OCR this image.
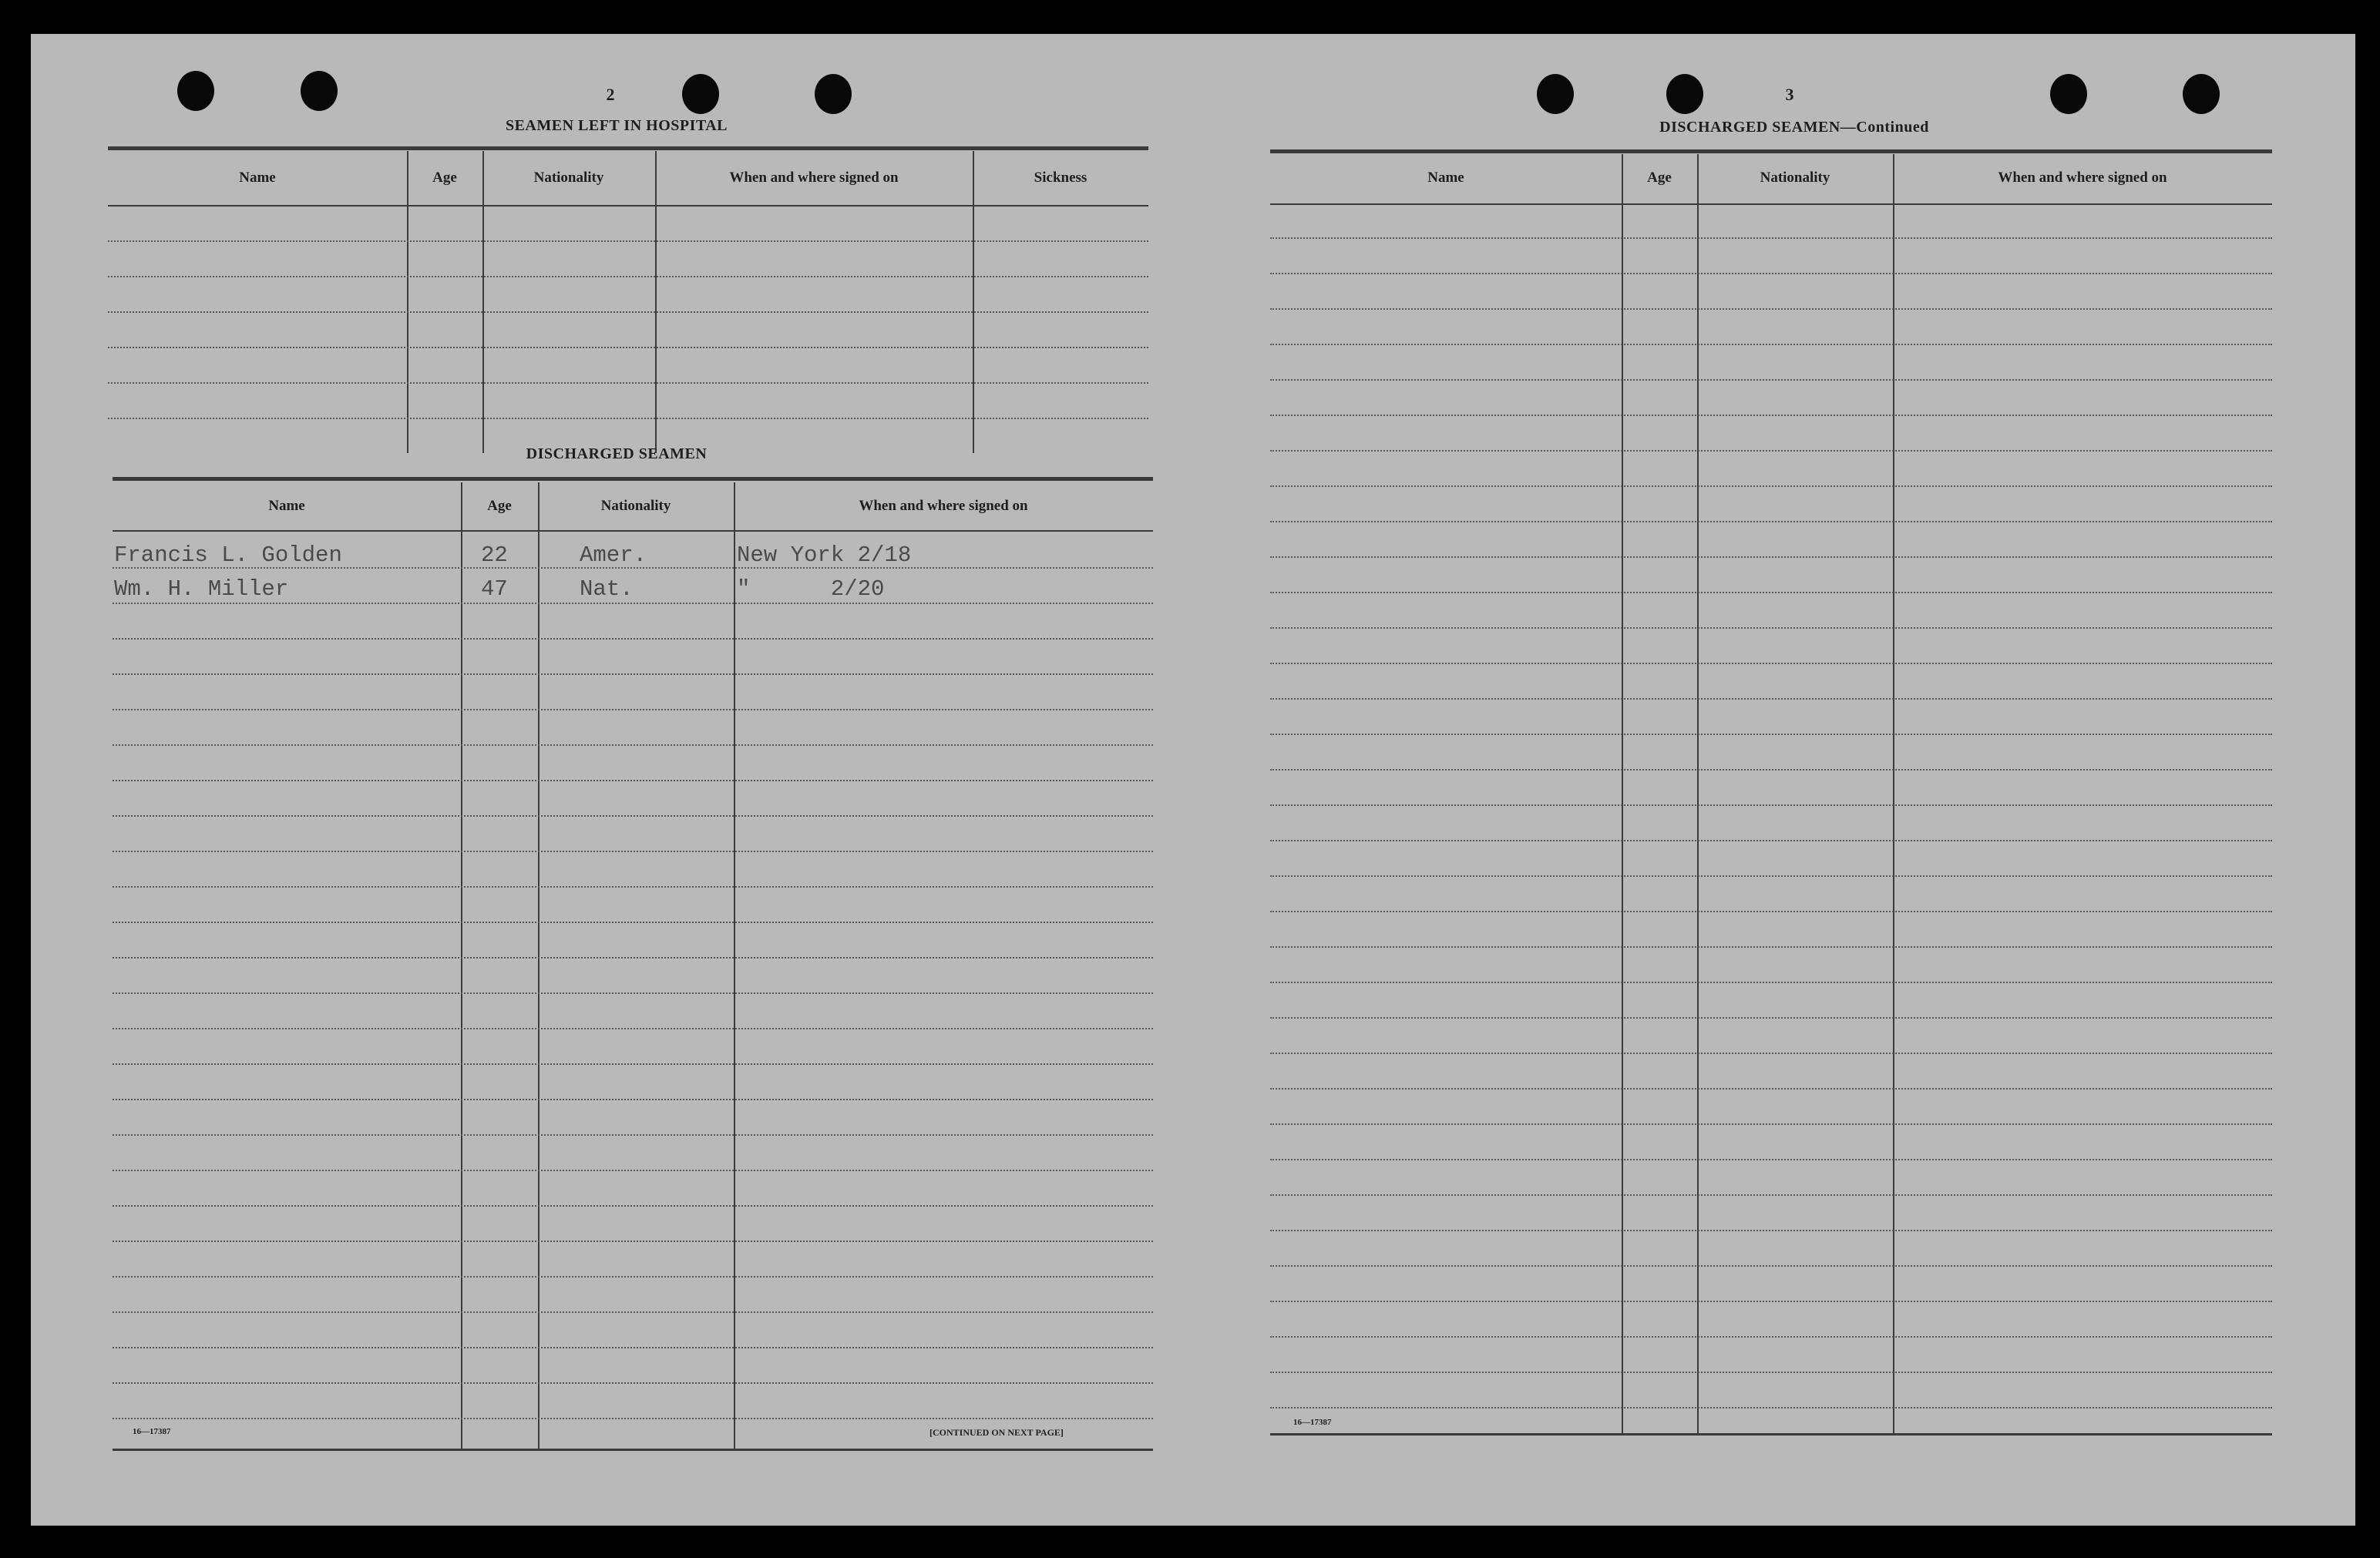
2
SEAMEN LEFT IN HOSPITAL
Name	Age	Nationality	When and where signed on	Sickness
DISCHARGED SEAMEN
Name	Age	Nationality	When and where signed on
Francis L. Golden	22	Amer.	New York 2/18
Wm. H. Miller	47	Nat.	"      2/20
16—17387	[CONTINUED ON NEXT PAGE]
3
DISCHARGED SEAMEN—Continued
Name	Age	Nationality	When and where signed on
16—17387
